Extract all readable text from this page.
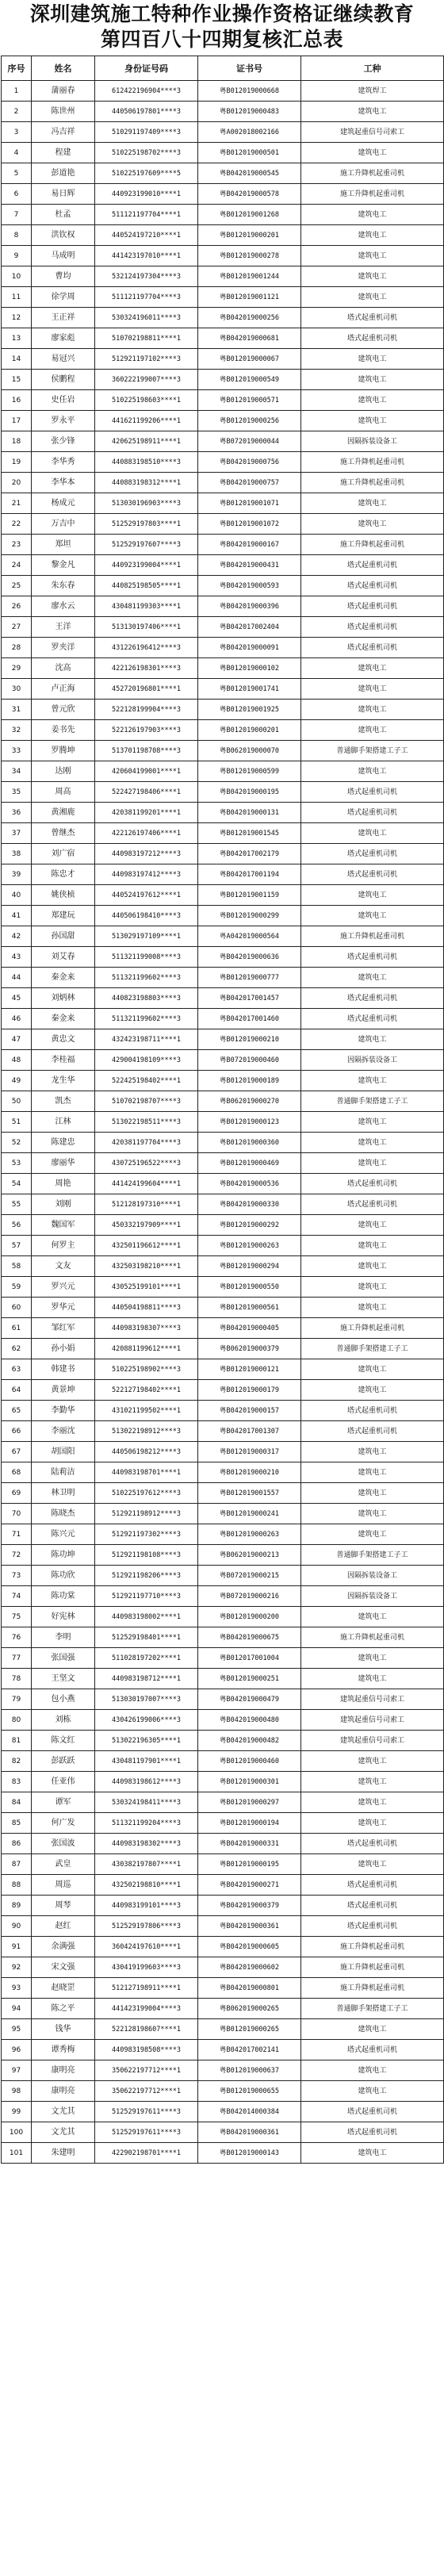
深圳建筑施工特种作业操作资格证继续教育
第四百八十四期复核汇总表
序号	姓名	身份证号码	证书号	工种
1	蒲丽春	612422196904****3	粤B012019000668	建筑焊工
2	陈世州	440506197801****3	粤B012019000483	建筑电工
3	冯吉祥	510291197409****3	粤A002018002166	建筑起重信号司索工
4	程建	510225198702****3	粤B012019000501	建筑电工
5	彭道艳	510225197609****5	粤B042019000545	施工升降机起重司机
6	易日辉	440923199010****1	粤B042019000578	施工升降机起重司机
7	杜孟	511121197704****1	粤B012019001268	建筑电工
8	洪钦权	440524197210****1	粤B012019000201	建筑电工
9	马成明	441423197010****1	粤B012019000278	建筑电工
10	曹均	532124197304****3	粤B012019001244	建筑电工
11	徐学周	511121197704****3	粤B012019001121	建筑电工
12	王正祥	530324196011****3	粤B042019000256	塔式起重机司机
13	廖家彪	510702198811****1	粤B042019000681	塔式起重机司机
14	易冠兴	512921197102****3	粤B012019000067	建筑电工
15	侯鹏程	360222199007****3	粤B012019000549	建筑电工
16	史任岩	510225198603****1	粤B012019000571	建筑电工
17	罗永平	441621199206****1	粤B012019000256	建筑电工
18	张少锋	420625198911****1	粤B072019000044	因隔拆装设备工
19	李华秀	440883198510****3	粤B042019000756	施工升降机起重司机
20	李华本	440883198312****1	粤B042019000757	施工升降机起重司机
21	杨成元	513030196903****3	粤B012019001071	建筑电工
22	万吉中	512529197803****1	粤B012019001072	建筑电工
23	郑坦	512529197607****3	粤B042019000167	施工升降机起重司机
24	黎金凡	440923199004****1	粤B042019000431	塔式起重机司机
25	朱东春	440825198505****1	粤B042019000593	塔式起重机司机
26	廖水云	430481199303****1	粤B042019000396	塔式起重机司机
27	王洋	513130197406****1	粤B042017002404	塔式起重机司机
28	罗夹洋	431226196412****3	粤B042019000091	塔式起重机司机
29	沈高	422126198301****3	粤B012019000102	建筑电工
30	卢正海	452720196801****1	粤B012019001741	建筑电工
31	曾元欣	522128199904****3	粤B012019001925	建筑电工
32	姜书先	522126197903****3	粤B012019000201	建筑电工
33	罗腾坤	513701198708****3	粤B062019000070	普通脚手架搭建工子工
34	达刚	420604199001****1	粤B012019000599	建筑电工
35	周高	522427198406****1	粤B042019000195	塔式起重机司机
36	黄湘鹿	420381199201****1	粤B042019000131	塔式起重机司机
37	曾继杰	422126197406****1	粤B012019001545	建筑电工
38	刘广宿	440983197212****3	粤B042017002179	塔式起重机司机
39	陈忠才	440983197412****3	粤B042017001194	塔式起重机司机
40	姚侠桢	440524197612****1	粤B012019001159	建筑电工
41	郑建玩	440506198410****3	粤B012019000299	建筑电工
42	孙国甜	513029197109****1	粤A042019000564	施工升降机起重司机
43	刘艾春	511321199008****3	粤B042019000636	塔式起重机司机
44	秦金来	511321199602****3	粤B012019000777	建筑电工
45	刘炳林	440823198803****3	粤B042017001457	塔式起重机司机
46	秦金来	511321199602****3	粤B042017001460	塔式起重机司机
47	黄忠文	432423198711****1	粤B012019000210	建筑电工
48	李桂福	429004198109****3	粤B072019000460	因隔拆装设备工
49	龙生华	522425198402****1	粤B012019000189	建筑电工
50	凯杰	510702198707****3	粤B062019000270	普通脚手架搭建工子工
51	江林	513022198511****3	粤B012019000123	建筑电工
52	陈建忠	420381197704****3	粤B012019000360	建筑电工
53	廖丽华	430725196522****3	粤B012019000469	建筑电工
54	周艳	441424199604****1	粤B042019000536	塔式起重机司机
55	刘刚	512128197310****1	粤B042019000330	塔式起重机司机
56	魏国军	450332197909****1	粤B012019000292	建筑电工
57	何罗主	432501196612****1	粤B012019000263	建筑电工
58	文友	432503198210****1	粤B012019000294	建筑电工
59	罗兴元	430525199101****1	粤B012019000550	建筑电工
60	罗华元	440504198811****3	粤B012019000561	建筑电工
61	邹红军	440983198307****3	粤B042019000405	施工升降机起重司机
62	孙小娟	420881199612****1	粤B062019000379	普通脚手架搭建工子工
63	韩建书	510225198902****3	粤B012019000121	建筑电工
64	黄景坤	522127198402****1	粤B012019000179	建筑电工
65	李勤华	431021199502****1	粤B042019000157	塔式起重机司机
66	李丽沈	513022198912****3	粤B042017001307	塔式起重机司机
67	胡国阳	440506198212****3	粤B012019000317	建筑电工
68	陆莉洁	440983198701****1	粤B012019000210	建筑电工
69	林卫明	510225197612****3	粤B012019001557	建筑电工
70	陈晓杰	512921198912****3	粤B012019000241	建筑电工
71	陈兴元	512921197302****3	粤B012019000263	建筑电工
72	陈功坤	512921198108****3	粤B062019000213	普通脚手架搭建工子工
73	陈功欣	512921198206****3	粤B072019000215	因隔拆装设备工
74	陈功棠	512921197710****3	粤B072019000216	因隔拆装设备工
75	好宪林	440983198002****1	粤B012019000200	建筑电工
76	李明	512529198401****1	粤B042019000675	施工升降机起重司机
77	张国强	511028197202****1	粤B012017001004	建筑电工
78	王坚文	440983198712****1	粤B012019000251	建筑电工
79	包小燕	513030197007****3	粤B042019000479	建筑起重信号司索工
80	刘栋	430426199006****3	粤B042019000480	建筑起重信号司索工
81	陈文红	513022196305****1	粤B042019000482	建筑起重信号司索工
82	彭跃跃	430481197901****1	粤B012019000460	建筑电工
83	任亚伟	440983198612****3	粤B012019000301	建筑电工
84	谭军	530324198411****3	粤B012019000297	建筑电工
85	何广发	511321199204****3	粤B012019000194	建筑电工
86	张国波	440983198302****3	粤B042019000331	塔式起重机司机
87	武皇	430382197807****1	粤B012019000195	建筑电工
88	周巡	432502198810****1	粤B042019000271	塔式起重机司机
89	周琴	440983199101****3	粤B042019000379	塔式起重机司机
90	赵红	512529197806****3	粤B042019000361	塔式起重机司机
91	余满强	360424197610****1	粤B042019000605	施工升降机起重司机
92	宋文强	430419199603****3	粤B042019000602	施工升降机起重司机
93	赵晓罡	512127198911****1	粤B042019000801	施工升降机起重司机
94	陈之平	441423199004****3	粤B062019000265	普通脚手架搭建工子工
95	钱华	522128198607****1	粤B012019000265	建筑电工
96	谭秀梅	440983198508****3	粤B042017002141	塔式起重机司机
97	康明亮	350622197712****1	粤B012019000637	建筑电工
98	康明亮	350622197712****1	粤B012019000655	建筑电工
99	文尤其	512529197611****3	粤B042014000384	塔式起重机司机
100	文尤其	512529197611****3	粤B042019000361	塔式起重机司机
101	朱建明	422902198701****1	粤B012019000143	建筑电工
